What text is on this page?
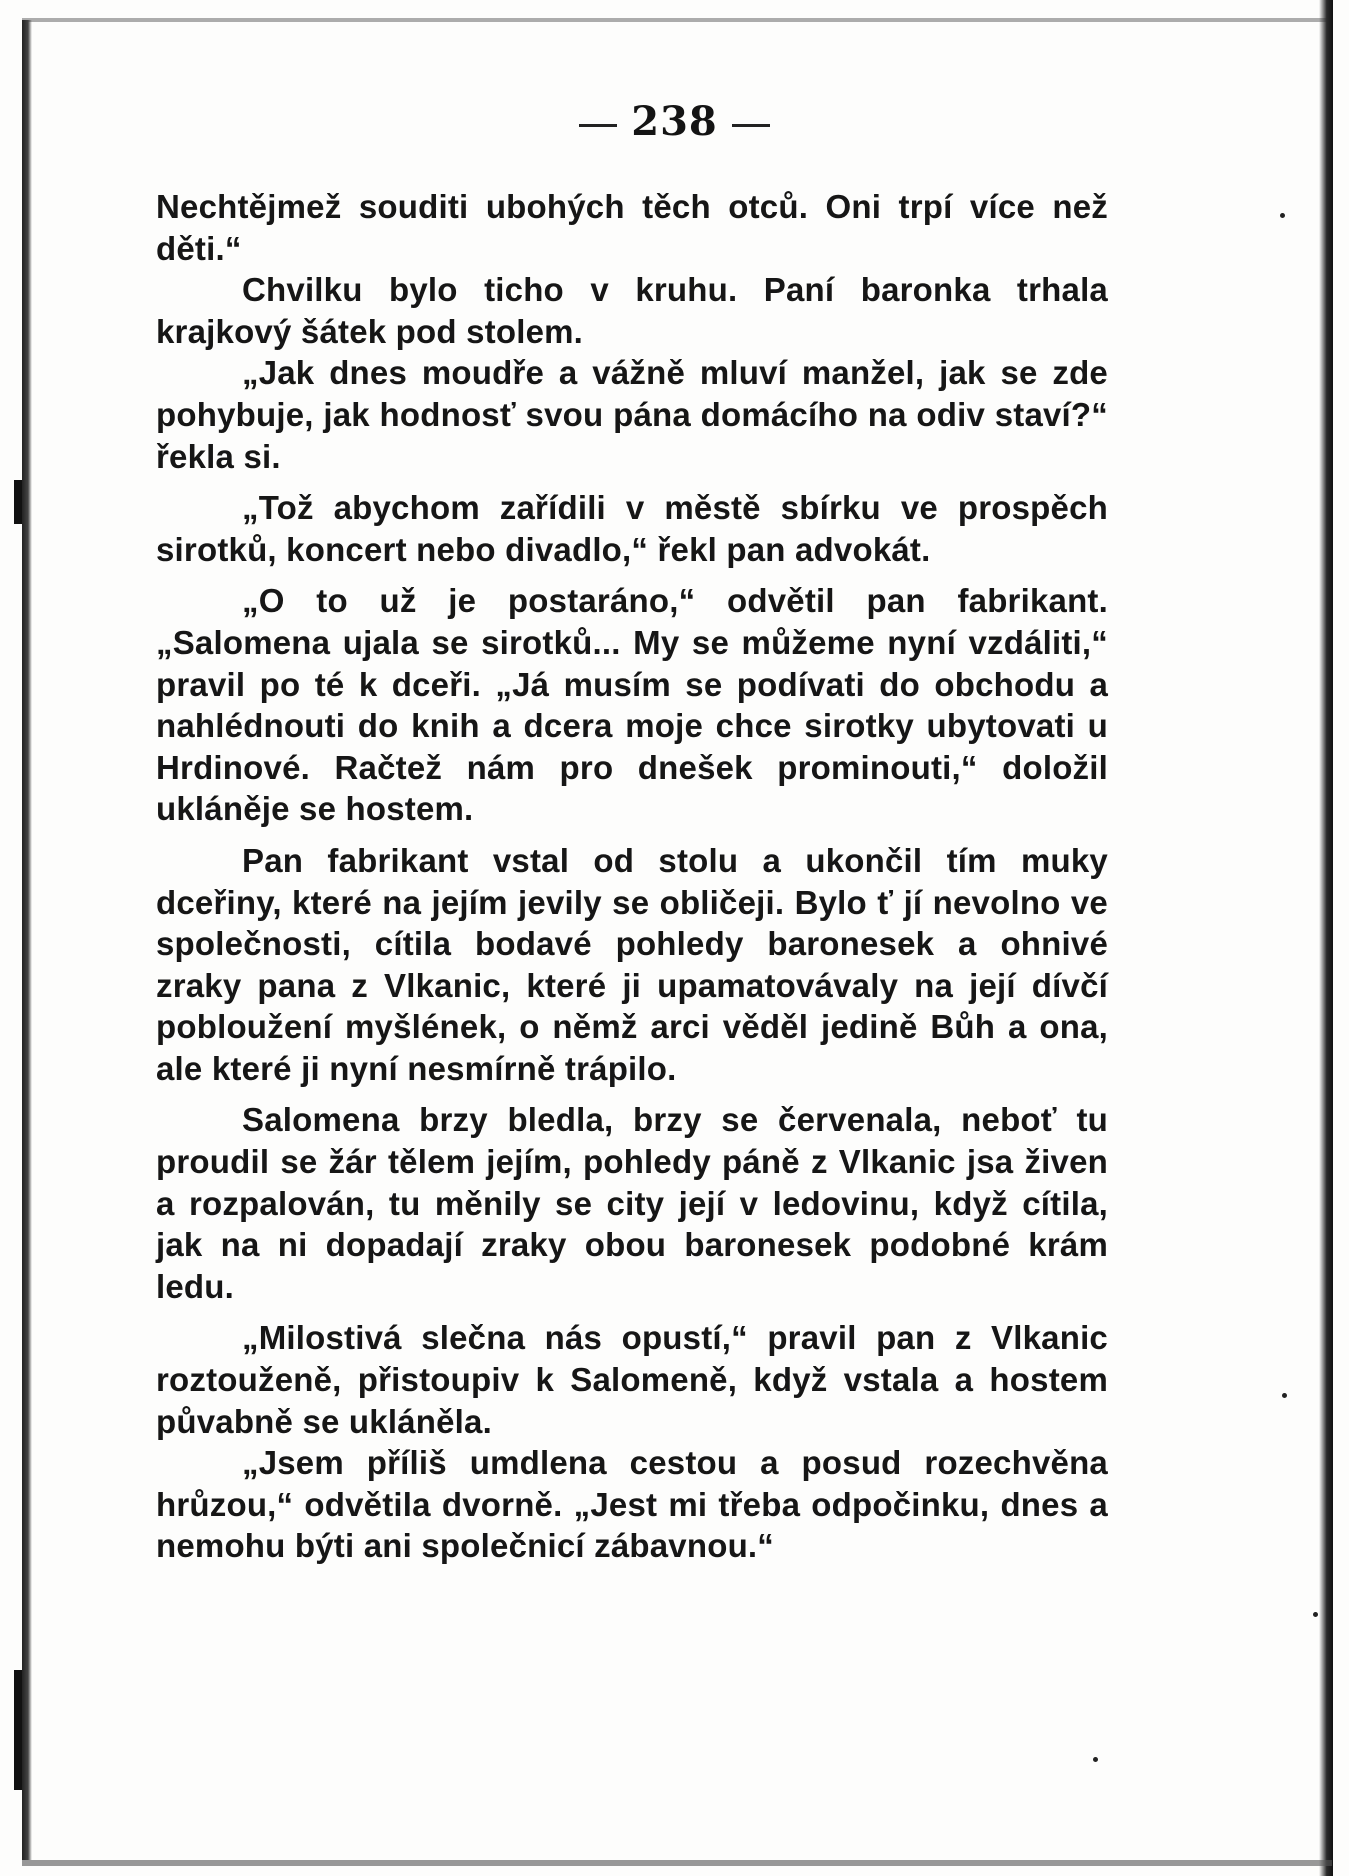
238

Nechtějmež souditi ubohých těch otců. Oni trpí více než děti.“

Chvilku bylo ticho v kruhu. Paní baronka trhala krajkový šátek pod stolem.

„Jak dnes moudře a vážně mluví manžel, jak se zde pohybuje, jak hodnosť svou pána domácího na odiv staví?“ řekla si.

„Tož abychom zařídili v městě sbírku ve prospěch sirotků, koncert nebo divadlo,“ řekl pan advokát.

„O to už je postaráno,“ odvětil pan fabrikant. „Salomena ujala se sirotků... My se můžeme nyní vzdáliti,“ pravil po té k dceři. „Já musím se podívati do obchodu a nahlédnouti do knih a dcera moje chce sirotky ubytovati u Hrdinové. Račtež nám pro dnešek prominouti,“ doložil ukláněje se hostem.

Pan fabrikant vstal od stolu a ukončil tím muky dceřiny, které na jejím jevily se obličeji. Bylo ť jí nevolno ve společnosti, cítila bodavé pohledy baronesek a ohnivé zraky pana z Vlkanic, které ji upamatovávaly na její dívčí pobloužení myšlének, o němž arci věděl jedině Bůh a ona, ale které ji nyní nesmírně trápilo.

Salomena brzy bledla, brzy se červenala, neboť tu proudil se žár tělem jejím, pohledy páně z Vlkanic jsa živen a rozpalován, tu měnily se city její v ledovinu, když cítila, jak na ni dopadají zraky obou baronesek podobné krám ledu.

„Milostivá slečna nás opustí,“ pravil pan z Vlkanic roztouženě, přistoupiv k Salomeně, když vstala a hostem půvabně se ukláněla.

„Jsem příliš umdlena cestou a posud rozechvěna hrůzou,“ odvětila dvorně. „Jest mi třeba odpočinku, dnes a nemohu býti ani společnicí zábavnou.“
